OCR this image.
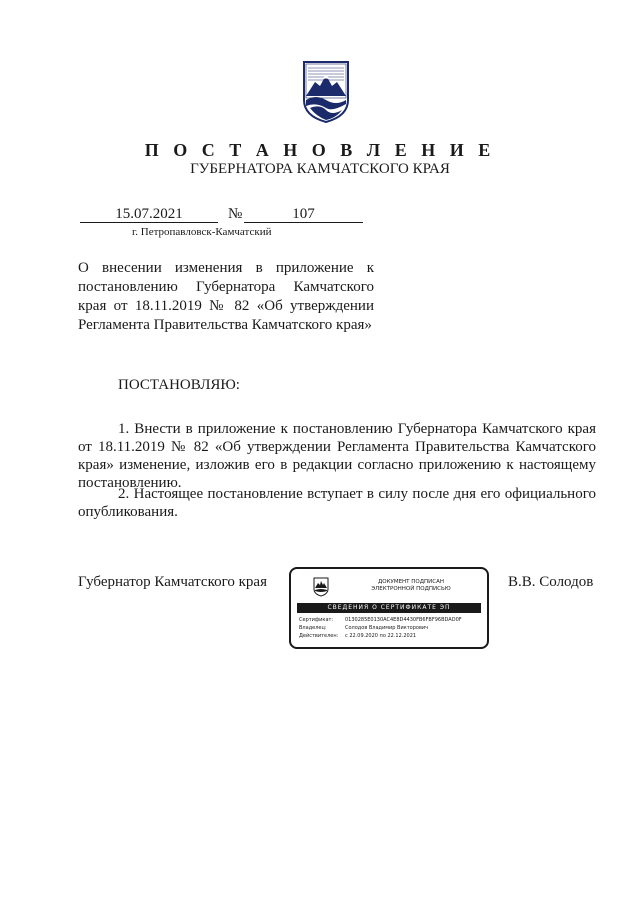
П О С Т А Н О В Л Е Н И Е
ГУБЕРНАТОРА КАМЧАТСКОГО КРАЯ
15.07.2021	№	107
г. Петропавловск-Камчатский
О внесении изменения в приложение к постановлению Губернатора Камчатского края от 18.11.2019 № 82 «Об утверждении Регламента Правительства Камчатского края»
ПОСТАНОВЛЯЮ:

1. Внести в приложение к постановлению Губернатора Камчатского края от 18.11.2019 № 82 «Об утверждении Регламента Правительства Камчатского края» изменение, изложив его в редакции согласно приложению к настоящему постановлению.

2. Настоящее постановление вступает в силу после дня его официального опубликования.

Губернатор Камчатского края	В.В. Солодов
ДОКУМЕНТ ПОДПИСАН
ЭЛЕКТРОННОЙ ПОДПИСЬЮ
СВЕДЕНИЯ О СЕРТИФИКАТЕ ЭП
Сертификат: 0130285E0130AC4E8D4430FB6FBF96BDAD0F
Владелец:	Солодов Владимир Викторович
Действителен: с 22.09.2020 по 22.12.2021
